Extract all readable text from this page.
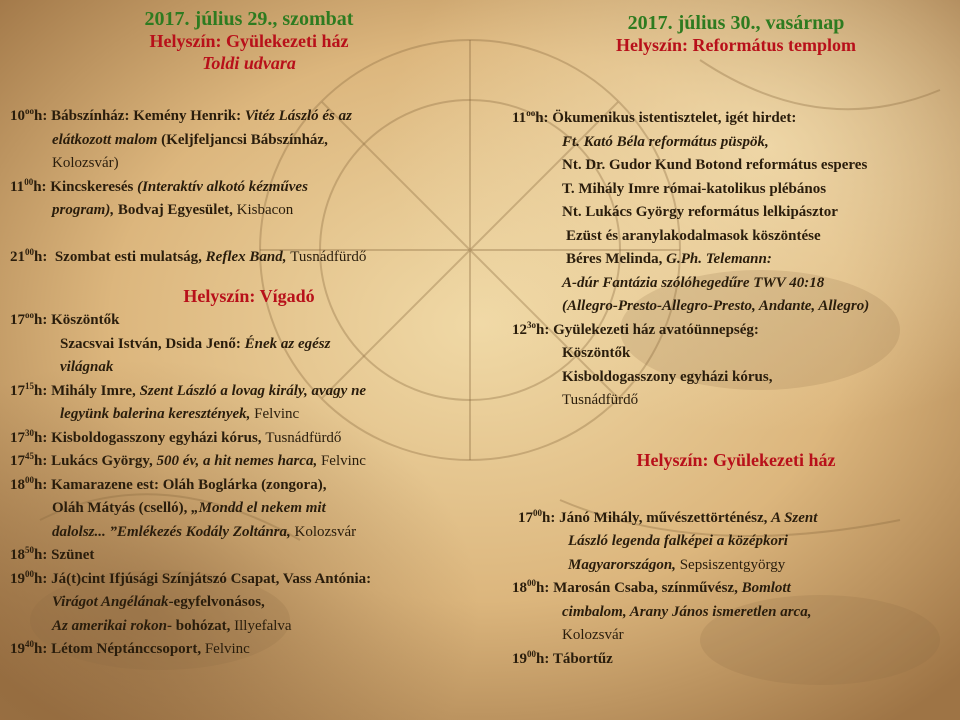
2017. július 29., szombat
Helyszín: Gyülekezeti ház
Toldi udvara
$10^{oo}h$: Bábszínház: Kemény Henrik: Vitéz László és az
elátkozott malom (Keljfeljancsi Bábszínház,
Kolozsvár)
$11^{00}h$: Kincskeresés (Interaktív alkotó kézműves
program), Bodvaj Egyesület, Kisbacon
$21^{00}h$: Szombat esti mulatság, Reflex Band, Tusnádfürdő
Helyszín: Vígadó
$17^{oo}h$: Köszöntők
Szacsvai István, Dsida Jenő: Ének az egész
világnak
$17^{15}h$: Mihály Imre, Szent László a lovag király, avagy ne
legyünk balerina keresztények, Felvinc
$17^{30}h$: Kisboldogasszony egyházi kórus, Tusnádfürdő
$17^{45}h$: Lukács György, 500 év, a hit nemes harca, Felvinc
$18^{00}h$: Kamarazene est: Oláh Boglárka (zongora),
Oláh Mátyás (cselló), „Mondd el nekem mit
dalolsz... ”Emlékezés Kodály Zoltánra, Kolozsvár
$18^{50}h$: Szünet
$19^{00}h$: Já(t)cint Ifjúsági Színjátszó Csapat, Vass Antónia:
Virágot Angélának-egyfelvonásos,
Az amerikai rokon- bohózat, Illyefalva
$19^{40}h$: Létom Néptánccsoport, Felvinc
2017. július 30., vasárnap
Helyszín: Református templom
$11^{oo}h$: Ökumenikus istentisztelet, igét hirdet:
Ft. Kató Béla református püspök,
Nt. Dr. Gudor Kund Botond református esperes
T. Mihály Imre római-katolikus plébános
Nt. Lukács György református lelkipásztor
Ezüst és aranylakodalmasok köszöntése
Béres Melinda, G.Ph. Telemann:
A-dúr Fantázia szólóhegedűre TWV 40:18
(Allegro-Presto-Allegro-Presto, Andante, Allegro)
$12^{3o}h$: Gyülekezeti ház avatóünnepség:
Köszöntők
Kisboldogasszony egyházi kórus,
Tusnádfürdő
Helyszín: Gyülekezeti ház
$17^{00}h$: Jánó Mihály, művészettörténész, A Szent
László legenda falképei a középkori
Magyarországon, Sepsiszentgyörgy
$18^{00}h$: Marosán Csaba, színművész, Bomlott
cimbalom, Arany János ismeretlen arca,
Kolozsvár
$19^{00}h$: Tábortűz
